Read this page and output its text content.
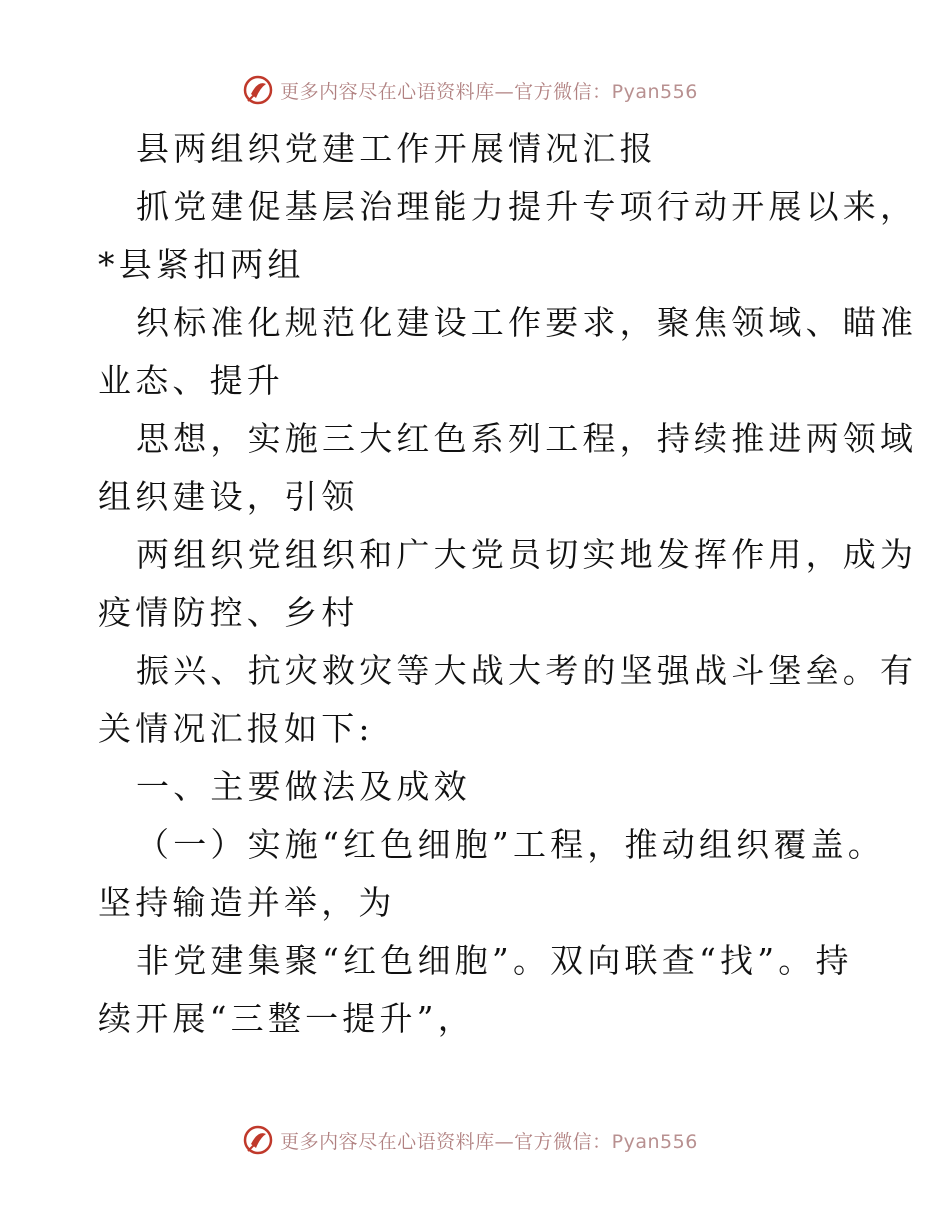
更多内容尽在心语资料库—官方微信：Pyan556

县两组织党建工作开展情况汇报

抓党建促基层治理能力提升专项行动开展以来，

*县紧扣两组

织标准化规范化建设工作要求，聚焦领域、瞄准

业态、提升

思想，实施三大红色系列工程，持续推进两领域

组织建设，引领

两组织党组织和广大党员切实地发挥作用，成为

疫情防控、乡村

振兴、抗灾救灾等大战大考的坚强战斗堡垒。有

关情况汇报如下:

一、主要做法及成效

（一）实施“红色细胞”工程，推动组织覆盖。

坚持输造并举，为

非党建集聚“红色细胞”。双向联查“找”。持

续开展“三整一提升”，

更多内容尽在心语资料库—官方微信：Pyan556
